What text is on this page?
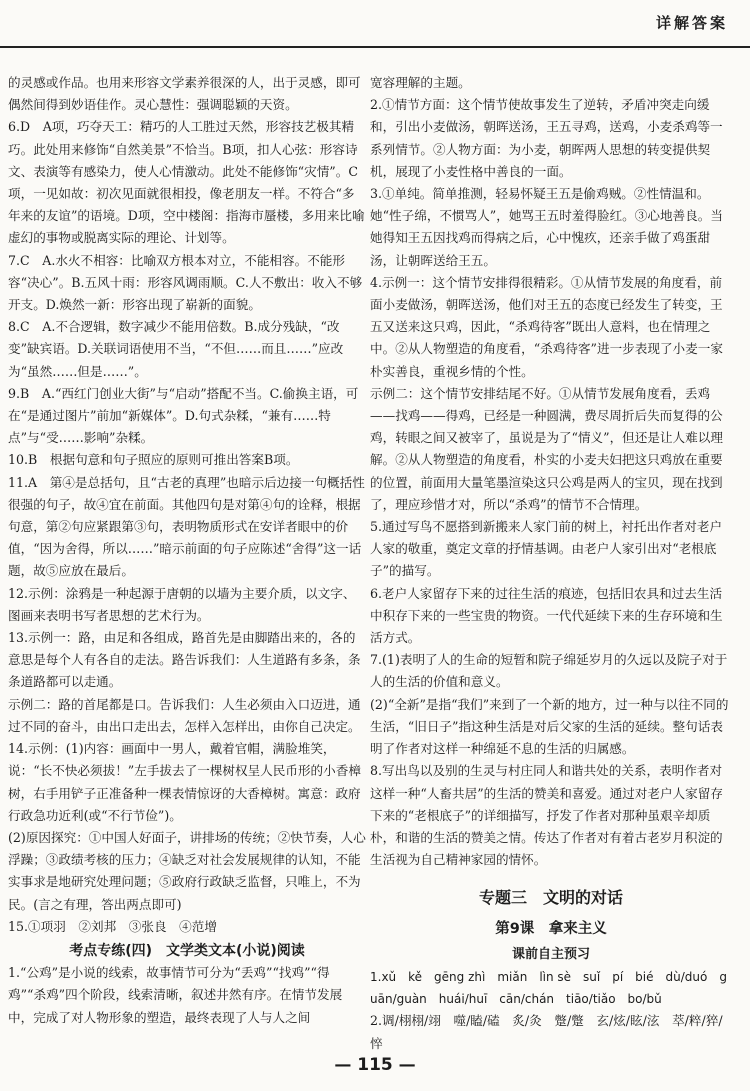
详解答案

的灵感或作品。也用来形容文学素养很深的人，出于灵感，即可偶然间得到妙语佳作。灵心慧性：强调聪颖的天资。

6.D　A项，巧夺天工：精巧的人工胜过天然，形容技艺极其精巧。此处用来修饰“自然美景”不恰当。B项，扣人心弦：形容诗文、表演等有感染力，使人心情激动。此处不能修饰“灾情”。C项，一见如故：初次见面就很相投，像老朋友一样。不符合“多年来的友谊”的语境。D项，空中楼阁：指海市蜃楼，多用来比喻虚幻的事物或脱离实际的理论、计划等。

7.C　A.水火不相容：比喻双方根本对立，不能相容。不能形容“决心”。B.五风十雨：形容风调雨顺。C.人不敷出：收入不够开支。D.焕然一新：形容出现了崭新的面貌。

8.C　A.不合逻辑，数字减少不能用倍数。B.成分残缺，“改变”缺宾语。D.关联词语使用不当，“不但……而且……”应改为“虽然……但是……”。

9.B　A.“西红门创业大街”与“启动”搭配不当。C.偷换主语，可在“是通过图片”前加“新媒体”。D.句式杂糅，“兼有……特点”与“受……影响”杂糅。

10.B　根据句意和句子照应的原则可推出答案B项。

11.A　第④是总括句，且“古老的真理”也暗示后边接一句概括性很强的句子，故④宜在前面。其他四句是对第④句的诠释，根据句意，第②句应紧跟第③句，表明物质形式在安详者眼中的价值，“因为舍得，所以……”暗示前面的句子应陈述“舍得”这一话题，故⑤应放在最后。

12.示例：涂鸦是一种起源于唐朝的以墙为主要介质，以文字、图画来表明书写者思想的艺术行为。

13.示例一：路，由足和各组成，路首先是由脚踏出来的，各的意思是每个人有各自的走法。路告诉我们：人生道路有多条，条条道路都可以走通。

示例二：路的首尾都是口。告诉我们：人生必须由入口迈进，通过不同的奋斗，由出口走出去，怎样入怎样出，由你自己决定。

14.示例：(1)内容：画面中一男人，戴着官帽，满脸堆笑，说：“长不快必须拔！”左手拔去了一棵树权呈人民币形的小香樟树，右手用铲子正准备种一棵表情惊讶的大香樟树。寓意：政府行政急功近利(或“不行节俭”)。

(2)原因探究：①中国人好面子，讲排场的传统；②快节奏，人心浮躁；③政绩考核的压力；④缺乏对社会发展规律的认知，不能实事求是地研究处理问题；⑤政府行政缺乏监督，只唯上，不为民。(言之有理，答出两点即可)

15.①项羽　②刘邦　③张良　④范增

考点专练(四)　文学类文本(小说)阅读

1.“公鸡”是小说的线索，故事情节可分为“丢鸡”“找鸡”“得鸡”“杀鸡”四个阶段，线索清晰，叙述井然有序。在情节发展中，完成了对人物形象的塑造，最终表现了人与人之间

宽容理解的主题。

2.①情节方面：这个情节使故事发生了逆转，矛盾冲突走向缓和，引出小麦做汤，朝晖送汤，王五寻鸡，送鸡，小麦杀鸡等一系列情节。②人物方面：为小麦，朝晖两人思想的转变提供契机，展现了小麦性格中善良的一面。

3.①单纯。简单推测，轻易怀疑王五是偷鸡贼。②性情温和。她“性子绵，不惯骂人”，她骂王五时羞得脸红。③心地善良。当她得知王五因找鸡而得病之后，心中愧疚，还亲手做了鸡蛋甜汤，让朝晖送给王五。

4.示例一：这个情节安排得很精彩。①从情节发展的角度看，前面小麦做汤，朝晖送汤，他们对王五的态度已经发生了转变，王五又送来这只鸡，因此，“杀鸡待客”既出人意料，也在情理之中。②从人物塑造的角度看，“杀鸡待客”进一步表现了小麦一家朴实善良，重视乡情的个性。

示例二：这个情节安排结尾不好。①从情节发展角度看，丢鸡——找鸡——得鸡，已经是一种圆满，费尽周折后失而复得的公鸡，转眼之间又被宰了，虽说是为了“情义”，但还是让人难以理解。②从人物塑造的角度看，朴实的小麦夫妇把这只鸡放在重要的位置，前面用大量笔墨渲染这只公鸡是两人的宝贝，现在找到了，理应珍惜才对，所以“杀鸡”的情节不合情理。

5.通过写鸟不愿搭到新搬来人家门前的树上，衬托出作者对老户人家的敬重，奠定文章的抒情基调。由老户人家引出对“老根底子”的描写。

6.老户人家留存下来的过往生活的痕迹，包括旧农具和过去生活中积存下来的一些宝贵的物资。一代代延续下来的生存环境和生活方式。

7.(1)表明了人的生命的短暂和院子绵延岁月的久远以及院子对于人的生活的价值和意义。

(2)“全新”是指“我们”来到了一个新的地方，过一种与以往不同的生活，“旧日子”指这种生活是对后父家的生活的延续。整句话表明了作者对这样一种绵延不息的生活的归属感。

8.写出鸟以及别的生灵与村庄同人和谐共处的关系，表明作者对这样一种“人畜共居”的生活的赞美和喜爱。通过对老户人家留存下来的“老根底子”的详细描写，抒发了作者对那种虽艰辛却质朴，和谐的生活的赞美之情。传达了作者对有着古老岁月积淀的生活视为自己精神家园的情怀。

专题三　文明的对话

第9课　拿来主义

课前自主预习

1.xǔ　kě　gēng zhì　miǎn　lìn sè　suǐ　pí　bié　dù/duó　guān/guàn　huái/huī　cān/chán　tiāo/tiǎo　bo/bǔ

2.调/栩栩/翊　噬/瞌/磕　炙/灸　蹩/蹩　玄/炫/眩/泫　萃/粹/猝/悴

— 115 —
